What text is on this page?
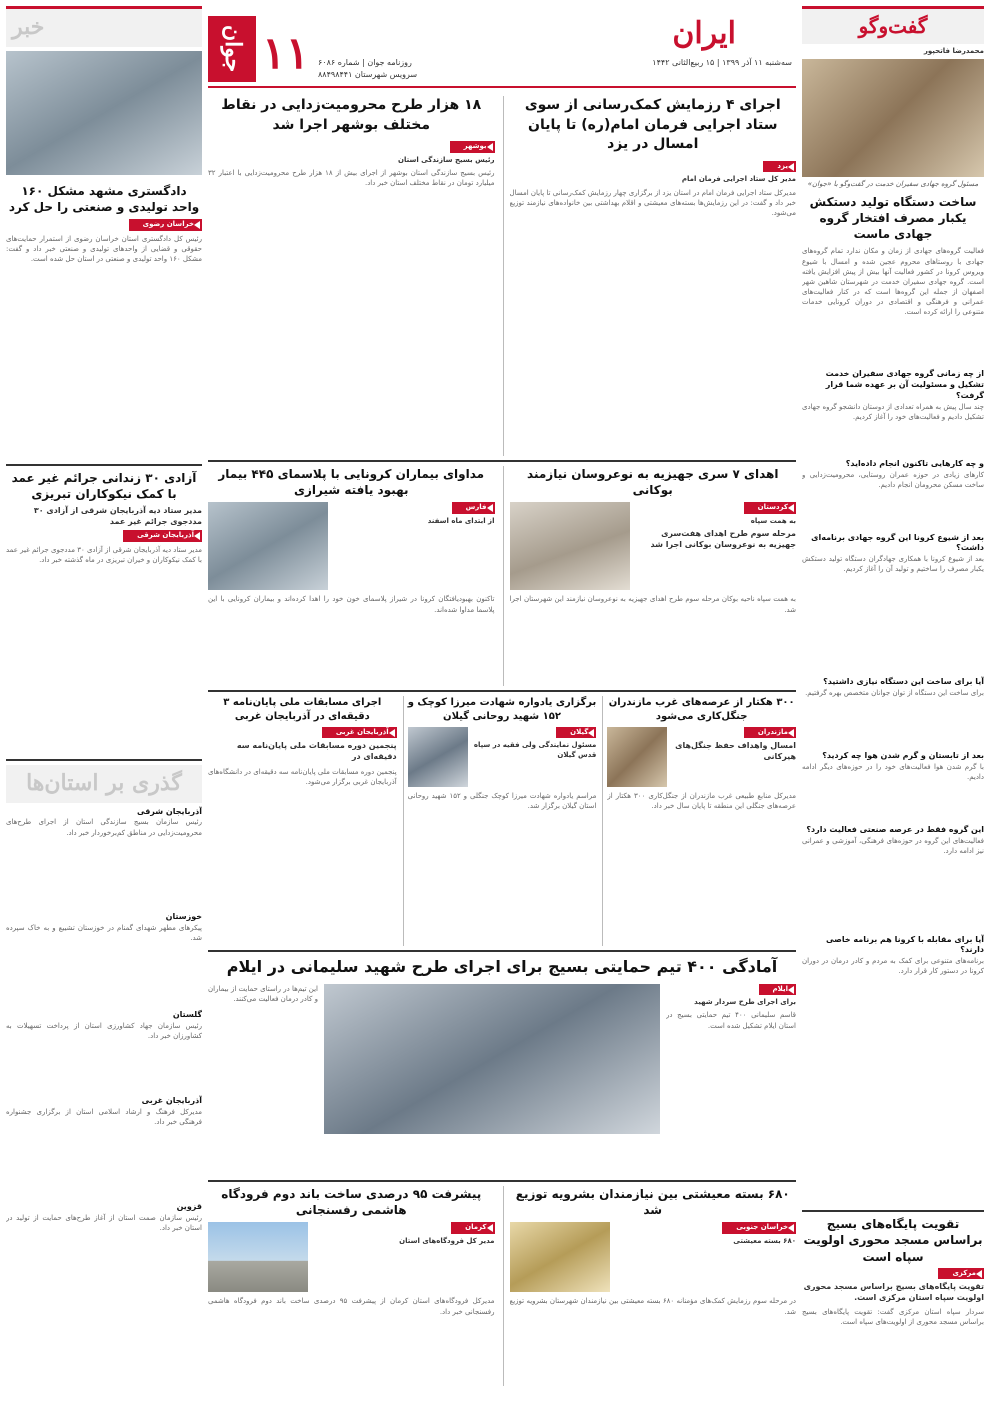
گفت‌وگو
محمدرضا فاتحپور
مسئول گروه جهادی سفیران خدمت در گفت‌وگو با «جوان»
ساخت دستگاه تولید دستکش یکبار مصرف افتخار گروه جهادی ماست
فعالیت گروه‌های جهادی از زمان و مکان ندارد تمام گروه‌های جهادی با روستاهای محروم عجین شده و امسال با شیوع ویروس کرونا در کشور فعالیت آنها بیش از پیش افزایش یافته است. گروه جهادی سفیران خدمت در شهرستان شاهین شهر اصفهان از جمله این گروه‌ها است که در کنار فعالیت‌های عمرانی و فرهنگی و اقتصادی در دوران کرونایی خدمات متنوعی را ارائه کرده است.
از چه زمانی گروه جهادی سفیران خدمت تشکیل و مسئولیت آن بر عهده شما قرار گرفت؟
چند سال پیش به همراه تعدادی از دوستان دانشجو گروه جهادی تشکیل دادیم و فعالیت‌های خود را آغاز کردیم.
و چه کارهایی تاکنون انجام داده‌اید؟
کارهای زیادی در حوزه عمران روستایی، محرومیت‌زدایی و ساخت مسکن محرومان انجام دادیم.
بعد از شیوع کرونا این گروه جهادی برنامه‌ای داشت؟
بعد از شیوع کرونا با همکاری جهادگران دستگاه تولید دستکش یکبار مصرف را ساختیم و تولید آن را آغاز کردیم.
آیا برای ساخت این دستگاه نیازی داشتید؟
برای ساخت این دستگاه از توان جوانان متخصص بهره گرفتیم.
بعد از تابستان و گرم شدن هوا چه کردید؟
با گرم شدن هوا فعالیت‌های خود را در حوزه‌های دیگر ادامه دادیم.
این گروه فقط در عرصه صنعتی فعالیت دارد؟
فعالیت‌های این گروه در حوزه‌های فرهنگی، آموزشی و عمرانی نیز ادامه دارد.
آیا برای مقابله با کرونا هم برنامه خاصی دارند؟
برنامه‌های متنوعی برای کمک به مردم و کادر درمان در دوران کرونا در دستور کار قرار دارد.
تقویت پایگاه‌های بسیج براساس مسجد محوری اولویت سپاه است
مرکزی
تقویت پایگاه‌های بسیج براساس مسجد محوری اولویت سپاه استان مرکزی است.
سردار سپاه استان مرکزی گفت: تقویت پایگاه‌های بسیج براساس مسجد محوری از اولویت‌های سپاه است.
خبر
دادگستری مشهد مشکل ۱۶۰ واحد تولیدی و صنعتی را حل کرد
خراسان رضوی
رئیس کل دادگستری استان خراسان رضوی از استمرار حمایت‌های حقوقی و قضایی از واحدهای تولیدی و صنعتی خبر داد و گفت: مشکل ۱۶۰ واحد تولیدی و صنعتی در استان حل شده است.
آزادی ۳۰ زندانی جرائم غیر عمد با کمک نیکوکاران تبریزی
مدیر ستاد دیه آذربایجان شرقی از آزادی ۳۰ مددجوی جرائم غیر عمد
آذربایجان شرقی
مدیر ستاد دیه آذربایجان شرقی از آزادی ۳۰ مددجوی جرائم غیر عمد با کمک نیکوکاران و خیران تبریزی در ماه گذشته خبر داد.
گذری بر استان‌ها
آذربایجان شرقی
رئیس سازمان بسیج سازندگی استان از اجرای طرح‌های محرومیت‌زدایی در مناطق کم‌برخوردار خبر داد.
خوزستان
پیکرهای مطهر شهدای گمنام در خوزستان تشییع و به خاک سپرده شد.
گلستان
رئیس سازمان جهاد کشاورزی استان از پرداخت تسهیلات به کشاورزان خبر داد.
آذربایجان غربی
مدیرکل فرهنگ و ارشاد اسلامی استان از برگزاری جشنواره فرهنگی خبر داد.
قزوین
رئیس سازمان صمت استان از آغاز طرح‌های حمایت از تولید در استان خبر داد.
جوان ۱۱	ایران
سه‌شنبه ۱۱ آذر ۱۳۹۹ | ۱۵ ربیع‌الثانی ۱۴۴۲
روزنامه جوان | شماره ۶۰۸۶
سرویس شهرستان ۸۸۴۹۸۴۴۱
اجرای ۴ رزمایش کمک‌رسانی از سوی ستاد اجرایی فرمان امام(ره) تا پایان امسال در یزد
یزد
مدیر کل ستاد اجرایی فرمان امام
مدیرکل ستاد اجرایی فرمان امام در استان یزد از برگزاری چهار رزمایش کمک‌رسانی تا پایان امسال خبر داد و گفت: در این رزمایش‌ها بسته‌های معیشتی و اقلام بهداشتی بین خانواده‌های نیازمند توزیع می‌شود.
۱۸ هزار طرح محرومیت‌زدایی در نقاط مختلف بوشهر اجرا شد
بوشهر
رئیس بسیج سازندگی استان
رئیس بسیج سازندگی استان بوشهر از اجرای بیش از ۱۸ هزار طرح محرومیت‌زدایی با اعتبار ۳۲ میلیارد تومان در نقاط مختلف استان خبر داد.
اهدای ۷ سری جهیزیه به نوعروسان نیازمند بوکانی
کردستان
به همت سپاه
مرحله سوم طرح اهدای هفت‌سری جهیزیه به نوعروسان بوکانی اجرا شد
به همت سپاه ناحیه بوکان مرحله سوم طرح اهدای جهیزیه به نوعروسان نیازمند این شهرستان اجرا شد.
مداوای بیماران کرونایی با پلاسمای ۴۴۵ بیمار بهبود یافته شیرازی
فارس
از ابتدای ماه اسفند
تاکنون بهبودیافتگان کرونا در شیراز پلاسمای خون خود را اهدا کرده‌اند و بیماران کرونایی با این پلاسما مداوا شده‌اند.
۳۰۰ هکتار از عرصه‌های غرب مازندران جنگل‌کاری می‌شود
مازندران
امسال واهداف حفظ جنگل‌های هیرکانی
مدیرکل منابع طبیعی غرب مازندران از جنگل‌کاری ۳۰۰ هکتار از عرصه‌های جنگلی این منطقه تا پایان سال خبر داد.
برگزاری یادواره شهادت میرزا کوچک و ۱۵۲ شهید روحانی گیلان
گیلان
مسئول نمایندگی ولی فقیه در سپاه قدس گیلان
مراسم یادواره شهادت میرزا کوچک جنگلی و ۱۵۲ شهید روحانی استان گیلان برگزار شد.
اجرای مسابقات ملی پایان‌نامه ۳ دقیقه‌ای در آذربایجان غربی
آذربایجان غربی
پنجمین دوره مسابقات ملی پایان‌نامه سه دقیقه‌ای در
پنجمین دوره مسابقات ملی پایان‌نامه سه دقیقه‌ای در دانشگاه‌های آذربایجان غربی برگزار می‌شود.
آمادگی ۴۰۰ تیم حمایتی بسیج برای اجرای طرح شهید سلیمانی در ایلام
ایلام
برای اجرای طرح سردار شهید
قاسم سلیمانی ۴۰۰ تیم حمایتی بسیج در استان ایلام تشکیل شده است.
این تیم‌ها در راستای حمایت از بیماران و کادر درمان فعالیت می‌کنند.
۶۸۰ بسته معیشتی بین نیازمندان بشرویه توزیع شد
خراسان جنوبی
۶۸۰ بسته معیشتی
در مرحله سوم رزمایش کمک‌های مؤمنانه ۶۸۰ بسته معیشتی بین نیازمندان شهرستان بشرویه توزیع شد.
پیشرفت ۹۵ درصدی ساخت باند دوم فرودگاه هاشمی رفسنجانی
کرمان
مدیر کل فرودگاه‌های استان
مدیرکل فرودگاه‌های استان کرمان از پیشرفت ۹۵ درصدی ساخت باند دوم فرودگاه هاشمی رفسنجانی خبر داد.
